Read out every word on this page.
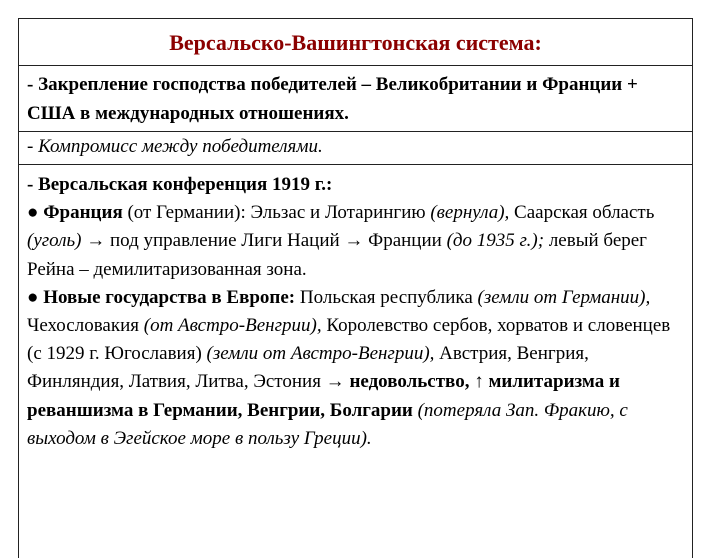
Версальско-Вашингтонская система:
- Закрепление господства победителей – Великобритании и Франции + США в международных отношениях.
- Компромисс между победителями.
- Версальская конференция 1919 г.:
● Франция (от Германии): Эльзас и Лотарингию (вернула), Саарская область (уголь) → под управление Лиги Наций → Франции (до 1935 г.); левый берег Рейна – демилитаризованная зона.
● Новые государства в Европе: Польская республика (земли от Германии), Чехословакия (от Австро-Венгрии), Королевство сербов, хорватов и словенцев (с 1929 г. Югославия) (земли от Австро-Венгрии), Австрия, Венгрия, Финляндия, Латвия, Литва, Эстония → недовольство, ↑ милитаризма и реваншизма в Германии, Венгрии, Болгарии (потеряла Зап. Фракию, с выходом в Эгейское море в пользу Греции).
